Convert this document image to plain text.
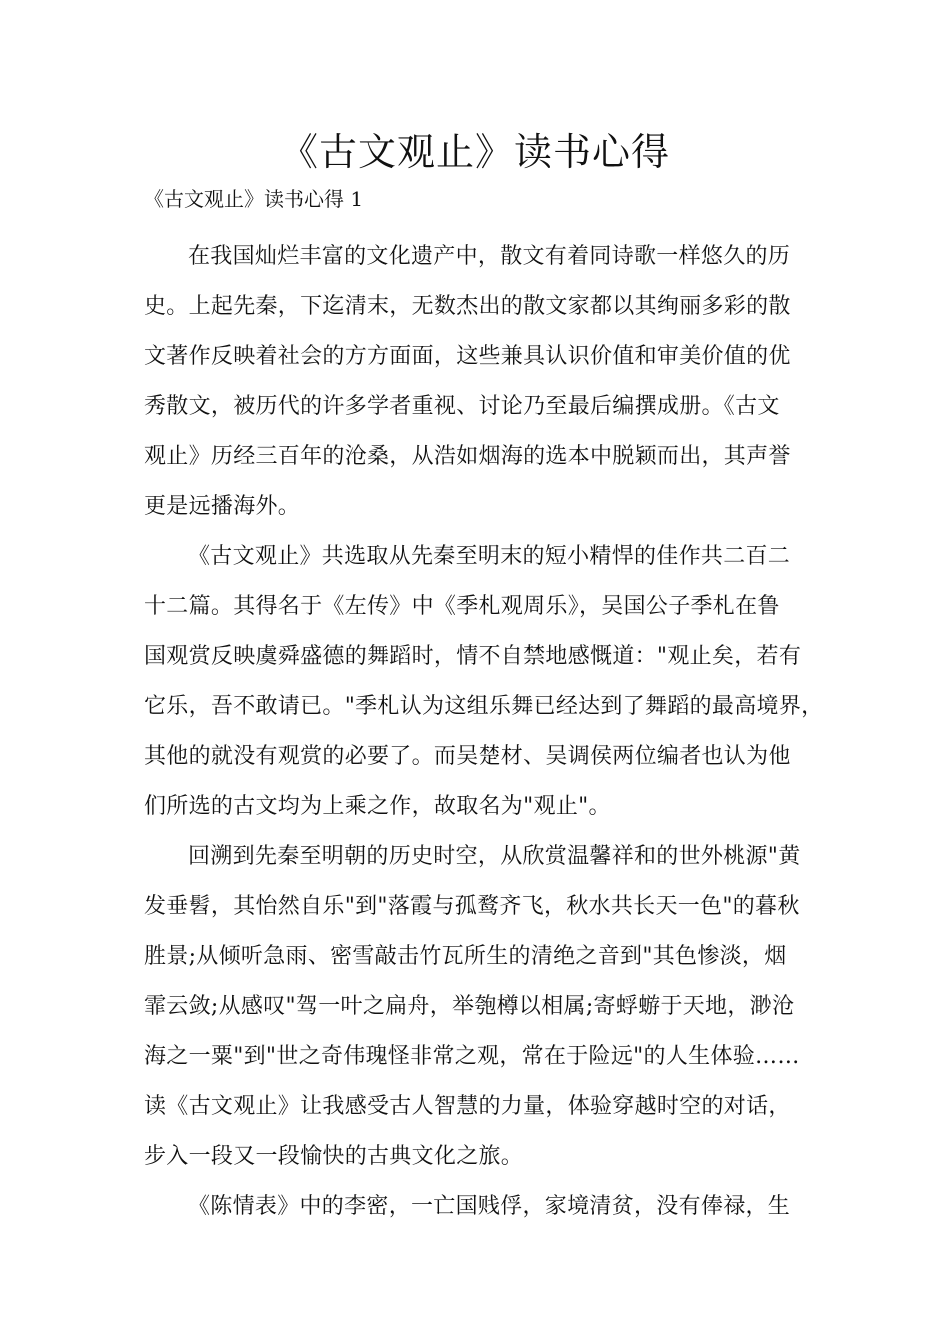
《古文观止》读书心得

《古文观止》读书心得 1

在我国灿烂丰富的文化遗产中，散文有着同诗歌一样悠久的历
史。上起先秦，下迄清末，无数杰出的散文家都以其绚丽多彩的散
文著作反映着社会的方方面面，这些兼具认识价值和审美价值的优
秀散文，被历代的许多学者重视、讨论乃至最后编撰成册。《古文
观止》历经三百年的沧桑，从浩如烟海的选本中脱颖而出，其声誉
更是远播海外。
《古文观止》共选取从先秦至明末的短小精悍的佳作共二百二
十二篇。其得名于《左传》中《季札观周乐》，吴国公子季札在鲁
国观赏反映虞舜盛德的舞蹈时，情不自禁地感慨道："观止矣，若有
它乐，吾不敢请已。"季札认为这组乐舞已经达到了舞蹈的最高境界，
其他的就没有观赏的必要了。而吴楚材、吴调侯两位编者也认为他
们所选的古文均为上乘之作，故取名为"观止"。
回溯到先秦至明朝的历史时空，从欣赏温馨祥和的世外桃源"黄
发垂髫，其怡然自乐"到"落霞与孤鹜齐飞，秋水共长天一色"的暮秋
胜景;从倾听急雨、密雪敲击竹瓦所生的清绝之音到"其色惨淡，烟
霏云敛;从感叹"驾一叶之扁舟，举匏樽以相属;寄蜉蝣于天地，渺沧
海之一粟"到"世之奇伟瑰怪非常之观，常在于险远"的人生体验……
读《古文观止》让我感受古人智慧的力量，体验穿越时空的对话，
步入一段又一段愉快的古典文化之旅。
《陈情表》中的李密，一亡国贱俘，家境清贫，没有俸禄，生
